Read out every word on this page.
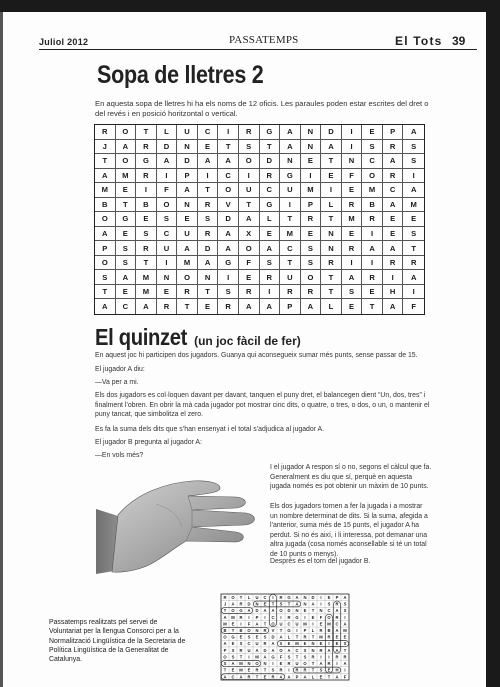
Juliol 2012	PASSATEMPS	El Tots 39
Sopa de lletres 2
En aquesta sopa de lletres hi ha els noms de 12 oficis. Les paraules poden estar escrites del dret o del revés i en posició horitzontal o vertical.
R	O	T	L	U	C	I	R	G	A	N	D	I	E	P	A
J	A	R	D	N	E	T	S	T	A	N	A	I	S	R	S
T	O	G	A	D	A	A	O	D	N	E	T	N	C	A	S
A	M	R	I	P	I	C	I	R	G	I	E	F	O	R	I
M	E	I	F	A	T	O	U	C	U	M	I	E	M	C	A
B	T	B	O	N	R	V	T	G	I	P	L	R	B	A	M
O	G	E	S	E	S	D	A	L	T	R	T	M	R	E	E
A	E	S	C	U	R	A	X	E	M	E	N	E	I	E	S
P	S	R	U	A	D	A	O	A	C	S	N	R	A	A	T
O	S	T	I	M	A	G	F	S	T	S	R	I	I	R	R
S	A	M	N	O	N	I	E	R	U	O	T	A	R	I	A
T	E	M	E	R	T	S	R	I	R	R	T	S	E	H	I
A	C	A	R	T	E	R	A	A	P	A	L	E	T	A	F
El quinzet (un joc fàcil de fer)
En aquest joc hi participen dos jugadors. Guanya qui aconsegueix sumar més punts, sense passar de 15.
El jugador A diu:
—Va per a mi.
Els dos jugadors es col·loquen davant per davant, tanquen el puny dret, el balancegen dient “Un, dos, tres” i finalment l’obren. En obrir la mà cada jugador pot mostrar cinc dits, o quatre, o tres, o dos, o un, o mantenir el puny tancat, que simbolitza el zero.
Es fa la suma dels dits que s’han ensenyat i el total s’adjudica al jugador A.
El jugador B pregunta al jugador A:
—En vols més?
I el jugador A respon sí o no, segons el càlcul que fa. Generalment es diu que sí, perquè en aquesta jugada només es pot obtenir un màxim de 10 punts.
Els dos jugadors tornen a fer la jugada i a mostrar un nombre determinat de dits. Si la suma, afegida a l’anterior, suma més de 15 punts, el jugador A ha perdut. Si no és així, i li interessa, pot demanar una altra jugada (cosa només aconsellable si té un total de 10 punts o menys).
Després és el torn del jugador B.
R O T L U C I R G A N D I E P A
J A R D N E T S T A N A I S R S
T O G A D A A O D N E T N C A S
A M R I P I C I R G I E F O R I
M E I F A T O U C U M I E M C A
B T B O N R V T G I P L R B A M
O G E S E S D A L T R T M R E E
A E S C U R A X E M E N E I E S
P S R U A D A O A C S N R A A T
O S T I M A G F S T S R I I R R
S A M N O N I E R U O T A R I A
T E M E R T S R I R R T S E H I
A C A R T E R A A P A L E T A F
Passatemps realitzats pel servei de Voluntariat per la llengua Consorci per a la Normalització Lingüística de la Secretaria de Política Lingüística de la Generalitat de Catalunya.
